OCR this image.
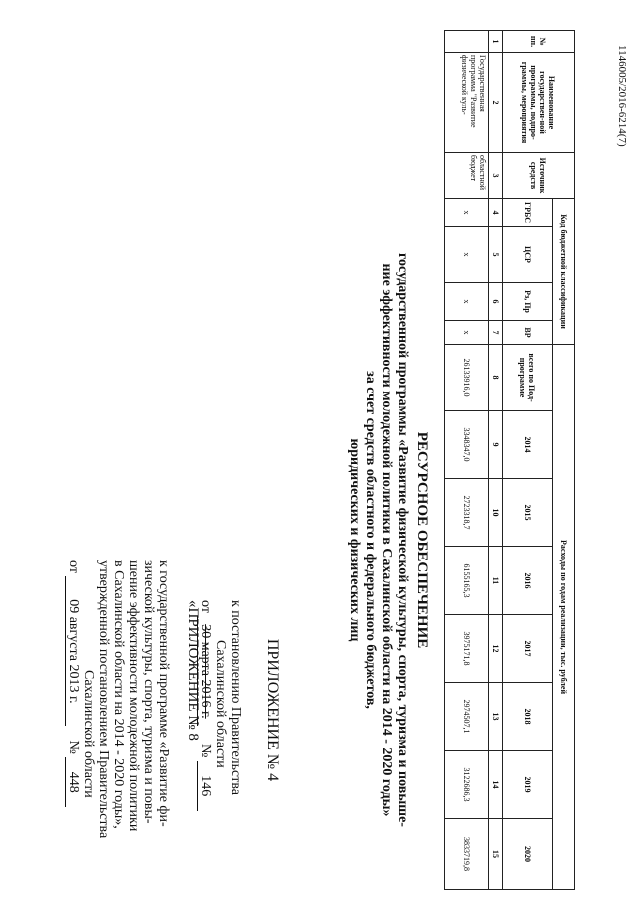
ПРИЛОЖЕНИЕ № 4
к постановлению Правительства
Сахалинской области
от 30 марта 2016 г.     № 146
«ПРИЛОЖЕНИЕ № 8
к государственной программе «Развитие фи-
зической культуры, спорта, туризма и повы-
шение эффективности молодежной политики
в Сахалинской области на 2014 - 2020 годы»,
утвержденной постановлением Правительства
Сахалинской области
от 09 августа 2013 г.    № 448
РЕСУРСНОЕ ОБЕСПЕЧЕНИЕ
государственной программы «Развитие физической культуры, спорта, туризма и повыше-
ние эффективности молодежной политики в Сахалинской области на 2014 - 2020 годы»
за счет средств областного и федерального бюджетов,
юридических и физических лиц
№ пп.	Наименование государствен-ной программы, подпро-граммы, мероприятия	Источник средств	Код бюджетной классификации				Расходы по годам реализации, тыс. рублей							
			ГРБС	ЦСР	Рз, Пр	ВР	всего по Под-программе	2014	2015	2016	2017	2018	2019	2020
1	2	3	4	5	6	7	8	9	10	11	12	13	14	15
	Государственная программа "Развитие физической куль-	областной бюджет	х	х	х	х	26133916,0	3348347,0	2723318,7	6155165,3	3975171,8	2974507,1	3122686,3	3833719,8
1146005/2016-6214(7)
